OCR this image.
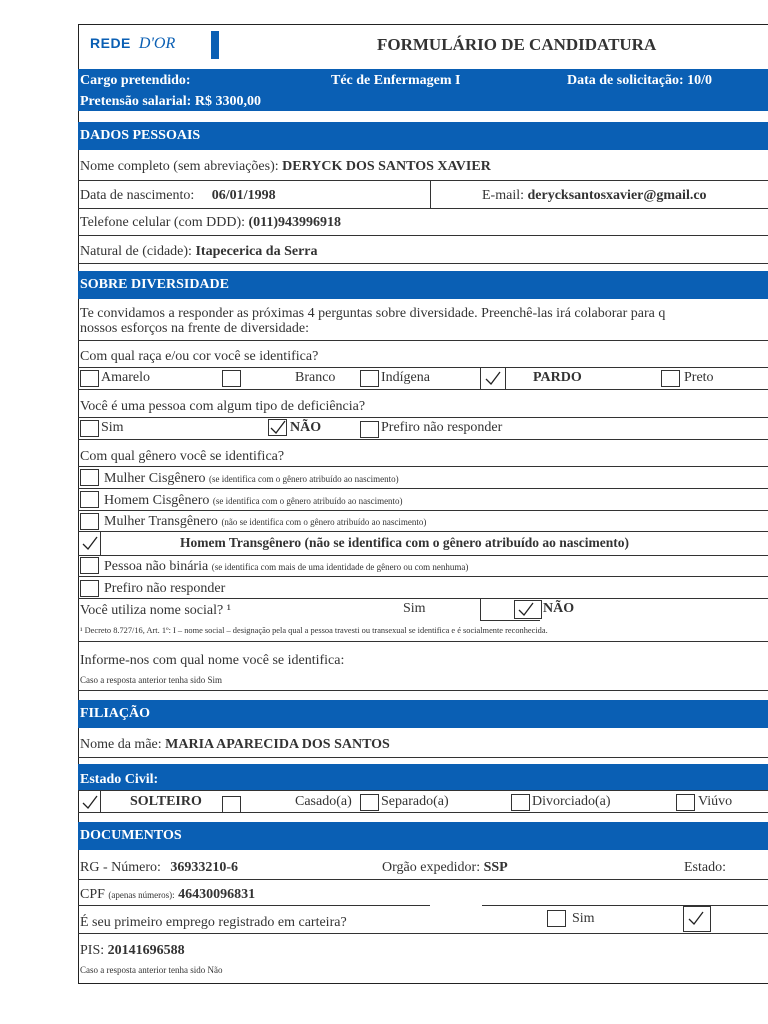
REDE D'OR	FORMULÁRIO DE CANDIDATURA
Cargo pretendido:	Téc de Enfermagem I	Data de solicitação: 10/0
Pretensão salarial: R$ 3300,00
DADOS PESSOAIS
Nome completo (sem abreviações): DERYCK DOS SANTOS XAVIER
Data de nascimento: 06/01/1998	E-mail: derycksantosxavier@gmail.co
Telefone celular (com DDD): (011)943996918
Natural de (cidade): Itapecerica da Serra
SOBRE DIVERSIDADE
Te convidamos a responder as próximas 4 perguntas sobre diversidade. Preenchê-las irá colaborar para q
nossos esforços na frente de diversidade:
Com qual raça e/ou cor você se identifica?
Amarelo	Branco	Indígena	PARDO	Preto
Você é uma pessoa com algum tipo de deficiência?
Sim	NÃO	Prefiro não responder
Com qual gênero você se identifica?
Mulher Cisgênero (se identifica com o gênero atribuído ao nascimento)
Homem Cisgênero (se identifica com o gênero atribuído ao nascimento)
Mulher Transgênero (não se identifica com o gênero atribuído ao nascimento)
Homem Transgênero (não se identifica com o gênero atribuído ao nascimento)
Pessoa não binária (se identifica com mais de uma identidade de gênero ou com nenhuma)
Prefiro não responder
Você utiliza nome social? ¹	Sim	NÃO
¹ Decreto 8.727/16, Art. 1º: I – nome social – designação pela qual a pessoa travesti ou transexual se identifica e é socialmente reconhecida.
Informe-nos com qual nome você se identifica:
Caso a resposta anterior tenha sido Sim
FILIAÇÃO
Nome da mãe: MARIA APARECIDA DOS SANTOS
Estado Civil:
SOLTEIRO	Casado(a) Separado(a)	Divorciado(a)	Viúvo
DOCUMENTOS
RG - Número: 36933210-6	Orgão expedidor: SSP	Estado:
CPF (apenas números): 46430096831
É seu primeiro emprego registrado em carteira?	Sim
PIS: 20141696588
Caso a resposta anterior tenha sido Não
